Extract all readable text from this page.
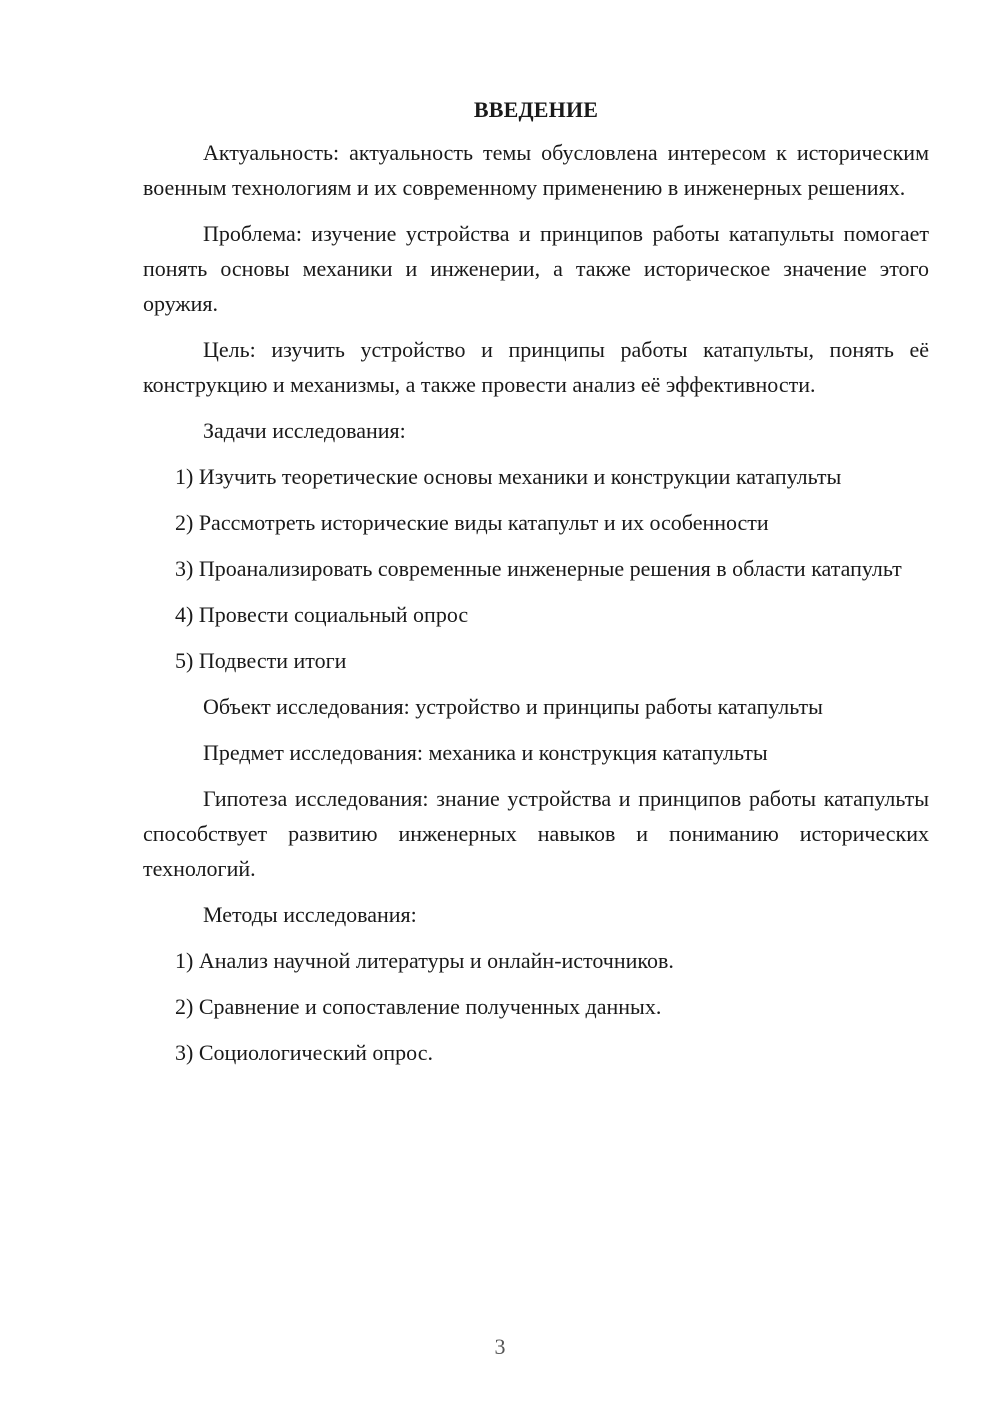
ВВЕДЕНИЕ

Актуальность: актуальность темы обусловлена интересом к историческим военным технологиям и их современному применению в инженерных решениях.

Проблема: изучение устройства и принципов работы катапульты помогает понять основы механики и инженерии, а также историческое значение этого оружия.

Цель: изучить устройство и принципы работы катапульты, понять её конструкцию и механизмы, а также провести анализ её эффективности.

Задачи исследования:

1) Изучить теоретические основы механики и конструкции катапульты

2) Рассмотреть исторические виды катапульт и их особенности

3) Проанализировать современные инженерные решения в области катапульт

4) Провести социальный опрос

5) Подвести итоги

Объект исследования: устройство и принципы работы катапульты

Предмет исследования: механика и конструкция катапульты

Гипотеза исследования: знание устройства и принципов работы катапульты способствует развитию инженерных навыков и пониманию исторических технологий.

Методы исследования:

1) Анализ научной литературы и онлайн-источников.

2) Сравнение и сопоставление полученных данных.

3) Социологический опрос.

3
